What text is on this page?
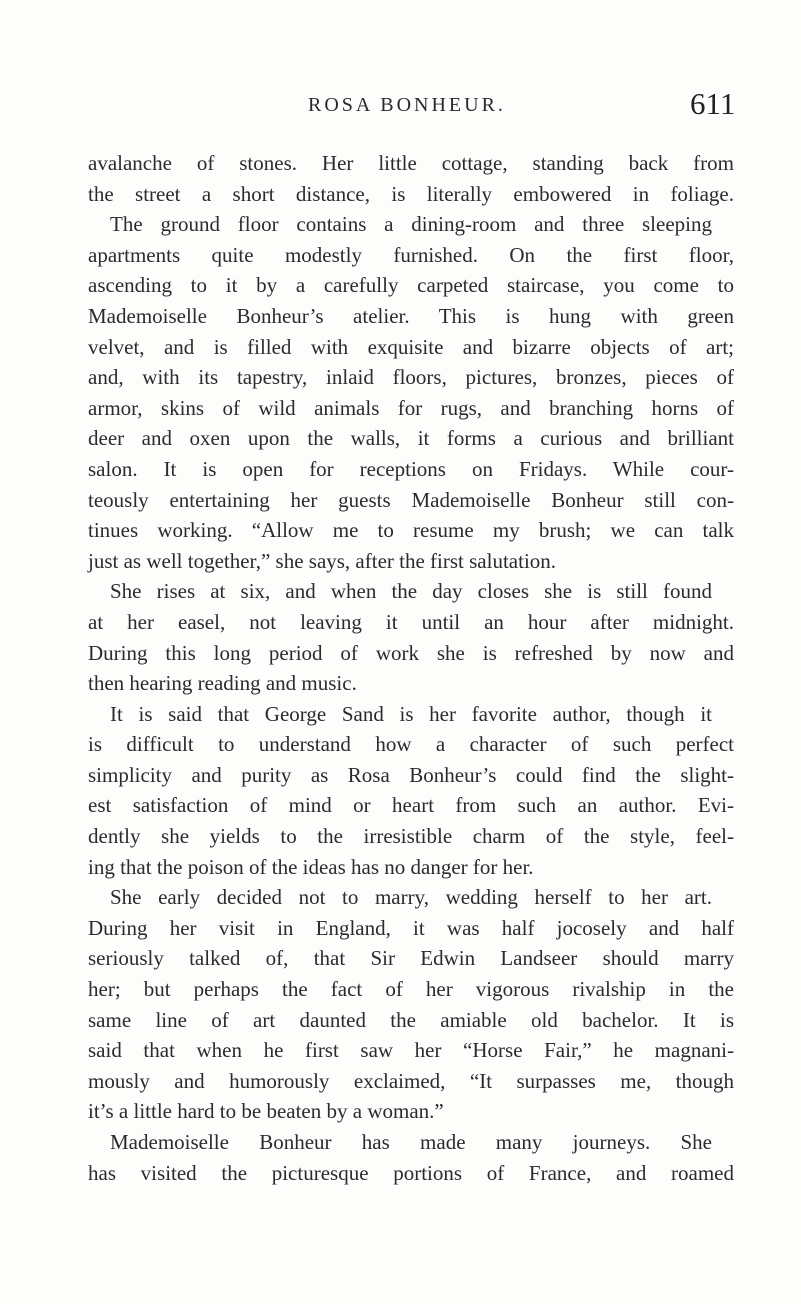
ROSA BONHEUR.	611
avalanche of stones. Her little cottage, standing back from
the street a short distance, is literally embowered in foliage.
The ground floor contains a dining-room and three sleeping
apartments quite modestly furnished. On the first floor,
ascending to it by a carefully carpeted staircase, you come to
Mademoiselle Bonheur’s atelier. This is hung with green
velvet, and is filled with exquisite and bizarre objects of art;
and, with its tapestry, inlaid floors, pictures, bronzes, pieces of
armor, skins of wild animals for rugs, and branching horns of
deer and oxen upon the walls, it forms a curious and brilliant
salon. It is open for receptions on Fridays. While cour-
teously entertaining her guests Mademoiselle Bonheur still con-
tinues working. “Allow me to resume my brush; we can talk
just as well together,” she says, after the first salutation.
She rises at six, and when the day closes she is still found
at her easel, not leaving it until an hour after midnight.
During this long period of work she is refreshed by now and
then hearing reading and music.
It is said that George Sand is her favorite author, though it
is difficult to understand how a character of such perfect
simplicity and purity as Rosa Bonheur’s could find the slight-
est satisfaction of mind or heart from such an author. Evi-
dently she yields to the irresistible charm of the style, feel-
ing that the poison of the ideas has no danger for her.
She early decided not to marry, wedding herself to her art.
During her visit in England, it was half jocosely and half
seriously talked of, that Sir Edwin Landseer should marry
her; but perhaps the fact of her vigorous rivalship in the
same line of art daunted the amiable old bachelor. It is
said that when he first saw her “Horse Fair,” he magnani-
mously and humorously exclaimed, “It surpasses me, though
it’s a little hard to be beaten by a woman.”
Mademoiselle Bonheur has made many journeys. She
has visited the picturesque portions of France, and roamed
